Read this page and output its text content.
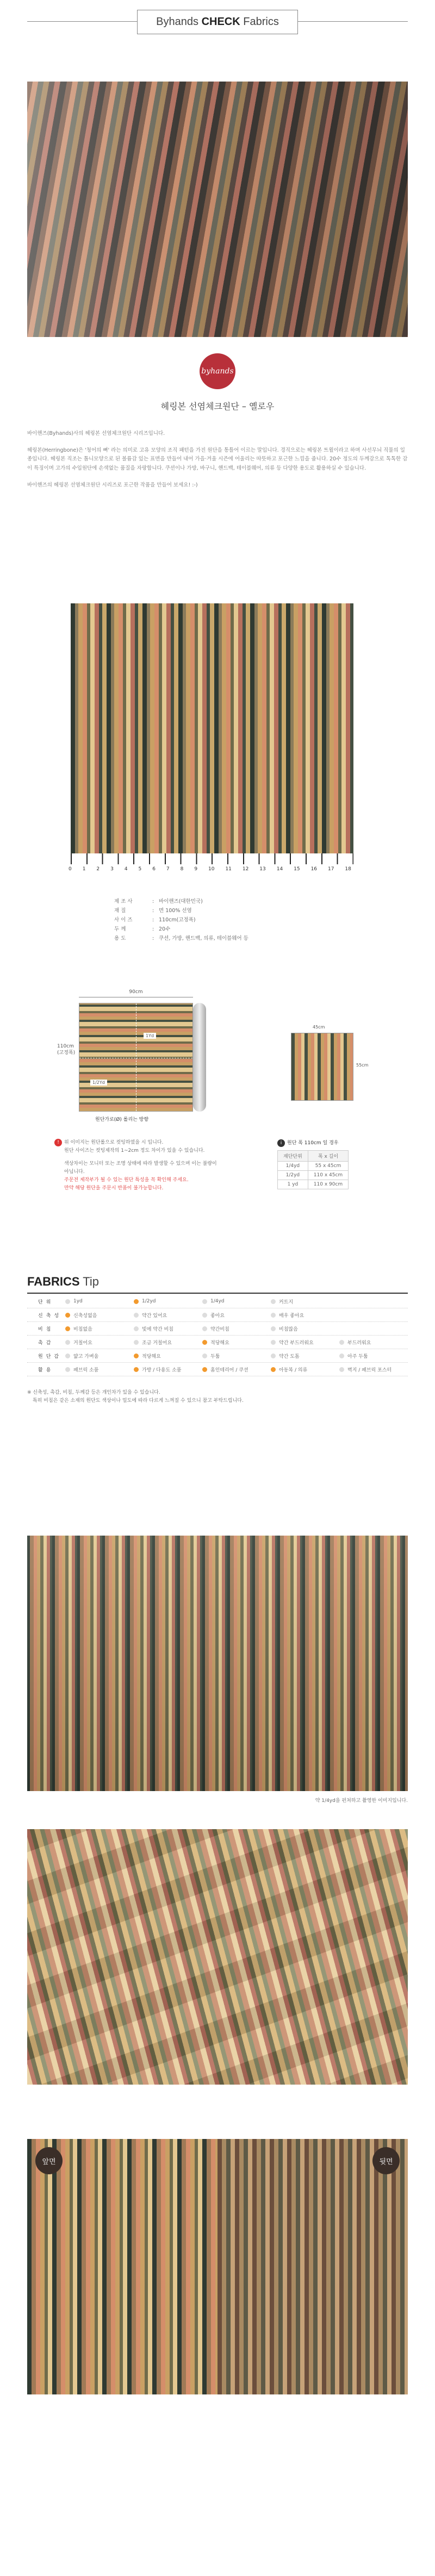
Byhands CHECK Fabrics
byhands
헤링본 선염체크원단 – 옐로우

바이핸즈(Byhands)사의 헤링본 선염체크원단 시리즈입니다.

헤링본(Herringbone)은 '청어의 뼈' 라는 의미로 고유 모양의 조직 패턴을 가진 원단을 통틀어 이르는 말입니다. 경직으로는 헤링본 트윌이라고 하며 사선무늬 직물의 일종입니다. 헤링본 직조는 톱니모양으로 된 볼륨감 있는 표면을 만들어 내어 가을·겨울 시즌에 어울리는 따뜻하고 포근한 느낌을 줍니다. 20수 정도의 두께감으로 톡톡한 감이 특징이며 고가의 수입원단에 손색없는 품질을 자랑합니다. 쿠션이나 가방, 바구니, 핸드백, 테이블웨어, 의류 등 다양한 용도로 활용하실 수 있습니다.

바이핸즈의 헤링본 선염체크원단 시리즈로 포근한 작품을 만들어 보세요! :-)

0 1 2 3 4 5 6 7 8 9 10 11 12 13 14 15 16 17 18
제 조 사	: 바이핸즈(대한민국)
재 질	: 면 100% 선염
사 이 즈	: 110cm(고정폭)
두 께	: 20수
용 도	: 쿠션, 가방, 핸드백, 의류, 테이블웨어 등
90cm
110cm (고정폭)
1Yd
1/2Yd
원단가로(Ø) 롤리는 방향
45cm
55cm
! 위 이미지는 원단롤으로 컷팅하였을 시 입니다.
원단 사이즈는 컷팅제작의 1~2cm 정도 차이가 있을 수 있습니다.
색상차이는 모니터 또는 조명 상태에 따라 발생할 수 있으며 이는 불량이 아닙니다.
주문전 제작부가 될 수 있는 원단 특성을 꼭 확인해 주세요.
만약 해당 원단을 주문시 반품이 불가능합니다.
i 원단 폭 110cm 일 경우
재단단위	폭 x 길이
1/4yd	55 x 45cm
1/2yd	110 x 45cm
1 yd	110 x 90cm
FABRICS Tip
단위	1yd	1/2yd	1/4yd	커트지
신축성	신축성없음	약간 있어요	좋아요	매우 좋아요
비침	비침없음	빛에 약간 비침	약간비침	비침많음
촉감	거칠어요	조금 거칠어요	적당해요	약간 부드러워요	부드러워요
원단감	얇고 가벼움	적당해요	두툼	약간 도톰	아주 두툼
활용	패브릭 소품	가방 / 다용도 소품	홈인테리어 / 쿠션	아동복 / 의류	벽지 / 패브릭 포스터
※ 신축성, 촉감, 비침, 두께감 등은 개인차가 있을 수 있습니다.
특히 비침은 같은 소재의 원단도 색상이나 밀도에 따라 다르게 느껴질 수 있으니 참고 부탁드립니다.
약 1/4yd을 펀쳐하고 촬영한 이미지입니다.
앞면	뒷면
